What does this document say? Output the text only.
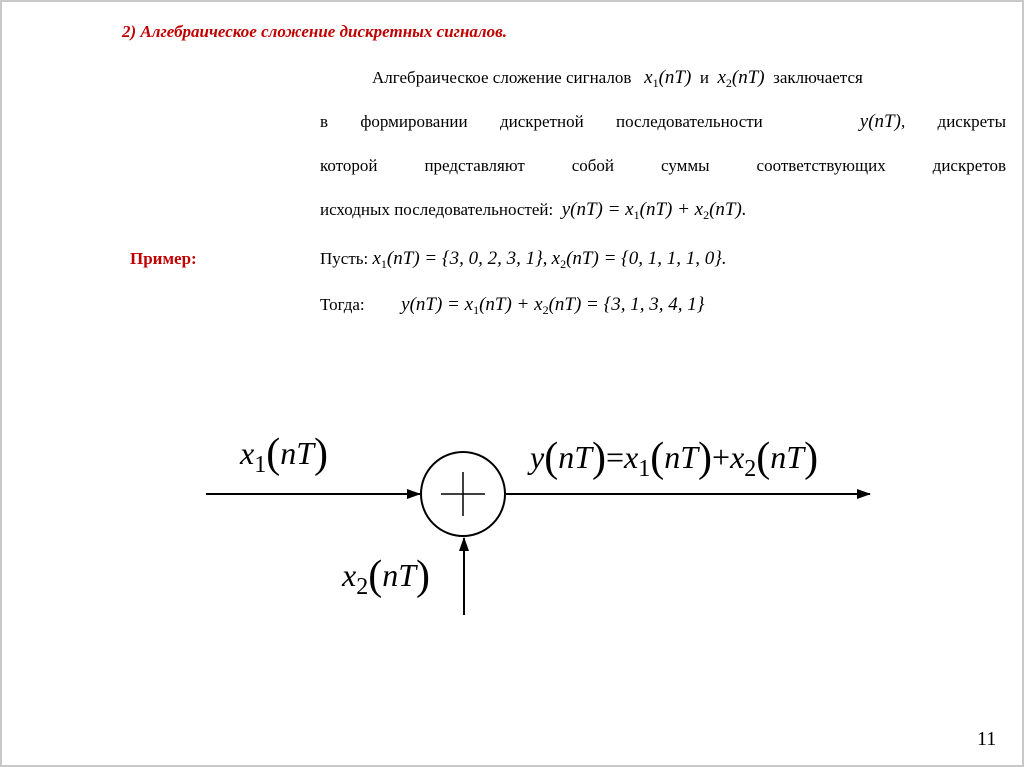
2) Алгебраическое сложение дискретных сигналов.
Алгебраическое сложение сигналов $x_1(nT)$ и $x_2(nT)$ заключается
в формировании дискретной последовательности	y(nT), дискреты
которой представляют собой суммы соответствующих дискретов
исходных последовательностей: $y(nT) = x_1(nT) + x_2(nT)$.
Пример:	Пусть: $x_1(nT) = \{3$, 0, 2, 3, 1}, $x_2(nT) = \{0$, 1, 1, 1, 0}.
Тогда: $y(nT) = x_1(nT) + x_2(nT) = \{3$, 1, 3, 4, 1}
$x_1(nT)$
$x_2(nT)$
$y(nT)=x_1(nT)+x_2(nT)$
11
